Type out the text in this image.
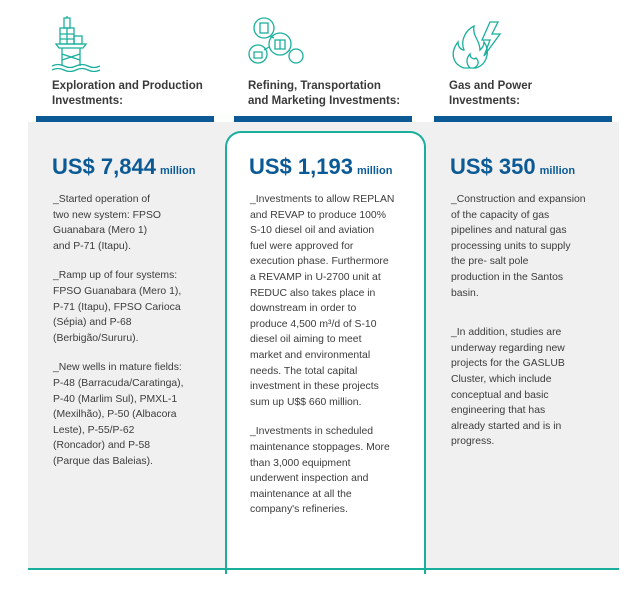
Exploration and Production
Investments:
Refining, Transportation
and Marketing Investments:
Gas and Power
Investments:
US$ 7,844 million US$ 1,193 million	US$ 350 million
_Started operation of
two new system: FPSO
Guanabara (Mero 1)
and P-71 (Itapu).
_Ramp up of four systems:
FPSO Guanabara (Mero 1),
P-71 (Itapu), FPSO Carioca
(Sépia) and P-68
(Berbigão/Sururu).
_New wells in mature fields:
P-48 (Barracuda/Caratinga),
P-40 (Marlim Sul), PMXL-1
(Mexilhão), P-50 (Albacora
Leste), P-55/P-62
(Roncador) and P-58
(Parque das Baleias).
_Investments to allow REPLAN
and REVAP to produce 100%
S-10 diesel oil and aviation
fuel were approved for
execution phase. Furthermore
a REVAMP in U-2700 unit at
REDUC also takes place in
downstream in order to
produce 4,500 m³/d of S-10
diesel oil aiming to meet
market and environmental
needs. The total capital
investment in these projects
sum up U$$ 660 million.
_Investments in scheduled
maintenance stoppages. More
than 3,000 equipment
underwent inspection and
maintenance at all the
company's refineries.
_Construction and expansion
of the capacity of gas
pipelines and natural gas
processing units to supply
the pre- salt pole
production in the Santos
basin.
_In addition, studies are
underway regarding new
projects for the GASLUB
Cluster, which include
conceptual and basic
engineering that has
already started and is in
progress.
